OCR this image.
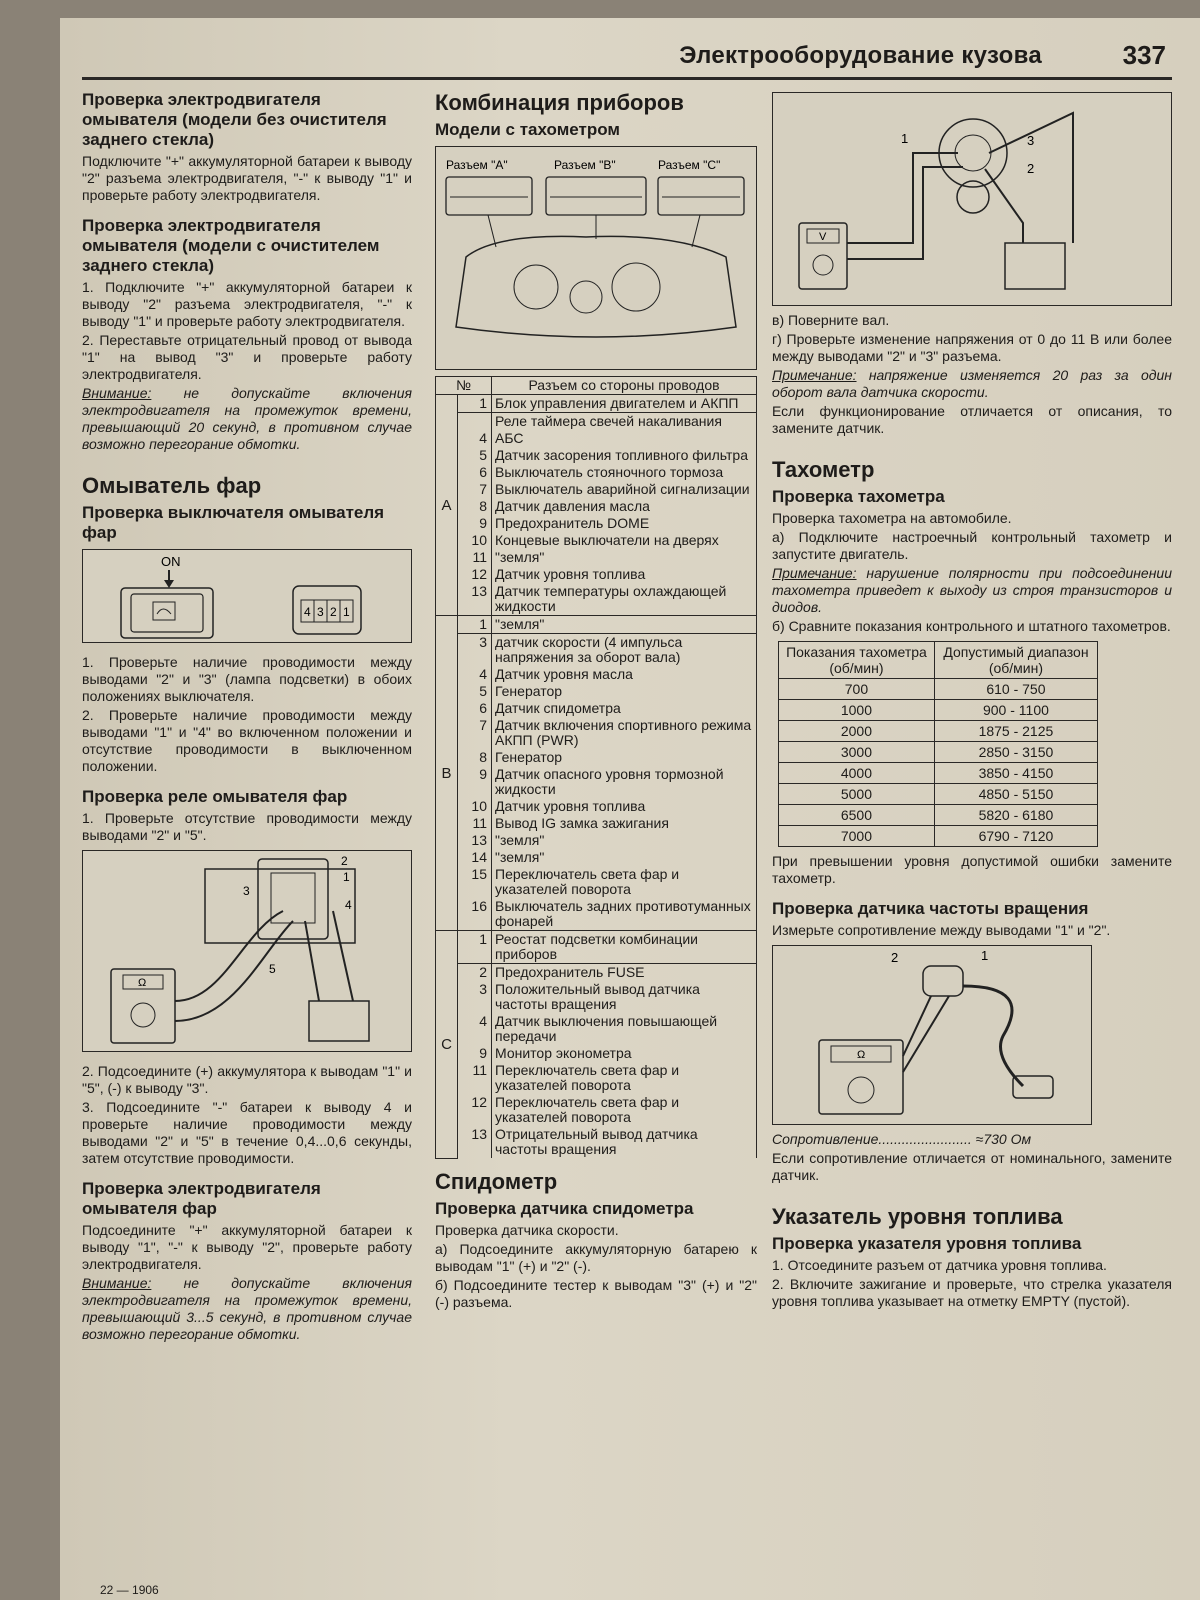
Электрооборудование кузова	337
Проверка электродвигателя омывателя (модели без очистителя заднего стекла)

Подключите "+" аккумуляторной батареи к выводу "2" разъема электродвигателя, "-" к выводу "1" и проверьте работу электродвигателя.

Проверка электродвигателя омывателя (модели с очистителем заднего стекла)

1. Подключите "+" аккумуляторной батареи к выводу "2" разъема электродвигателя, "-" к выводу "1" и проверьте работу электродвигателя.

2. Переставьте отрицательный провод от вывода "1" на вывод "3" и проверьте работу электродвигателя.

Внимание: не допускайте включения электродвигателя на промежуток времени, превышающий 20 секунд, в противном случае возможно перегорание обмотки.

Омыватель фар
Проверка выключателя омывателя фар
ON
4 3 2 1

1. Проверьте наличие проводимости между выводами "2" и "3" (лампа подсветки) в обоих положениях выключателя.

2. Проверьте наличие проводимости между выводами "1" и "4" во включенном положении и отсутствие проводимости в выключенном положении.

Проверка реле омывателя фар

1. Проверьте отсутствие проводимости между выводами "2" и "5".

2
1
3
4
5
Ω

2. Подсоедините (+) аккумулятора к выводам "1" и "5", (-) к выводу "3".

3. Подсоедините "-" батареи к выводу 4 и проверьте наличие проводимости между выводами "2" и "5" в течение 0,4...0,6 секунды, затем отсутствие проводимости.

Проверка электродвигателя омывателя фар

Подсоедините "+" аккумуляторной батареи к выводу "1", "-" к выводу "2", проверьте работу электродвигателя.

Внимание: не допускайте включения электродвигателя на промежуток времени, превышающий 3...5 секунд, в противном случае возможно перегорание обмотки.

Комбинация приборов
Модели с тахометром
Разъем "A"	Разъем "B"	Разъем "C"
№		Разъем со стороны проводов
A	1	Блок управления двигателем и АКПП
		Реле таймера свечей накаливания
	4	АБС
	5	Датчик засорения топливного фильтра
	6	Выключатель стояночного тормоза
	7	Выключатель аварийной сигнализации
	8	Датчик давления масла
	9	Предохранитель DOME
	10	Концевые выключатели на дверях
	11	"земля"
	12	Датчик уровня топлива
	13	Датчик температуры охлаждающей жидкости
B	1	"земля"
	3	датчик скорости (4 импульса напряжения за оборот вала)
	4	Датчик уровня масла
	5	Генератор
	6	Датчик спидометра
	7	Датчик включения спортивного режима АКПП (PWR)
	8	Генератор
	9	Датчик опасного уровня тормозной жидкости
	10	Датчик уровня топлива
	11	Вывод IG замка зажигания
	13	"земля"
	14	"земля"
	15	Переключатель света фар и указателей поворота
	16	Выключатель задних противотуманных фонарей
C	1	Реостат подсветки комбинации приборов
	2	Предохранитель FUSE
	3	Положительный вывод датчика частоты вращения
	4	Датчик выключения повышающей передачи
	9	Монитор эконометра
	11	Переключатель света фар и указателей поворота
	12	Переключатель света фар и указателей поворота
	13	Отрицательный вывод датчика частоты вращения
Спидометр
Проверка датчика спидометра

Проверка датчика скорости.

а) Подсоедините аккумуляторную батарею к выводам "1" (+) и "2" (-).

б) Подсоедините тестер к выводам "3" (+) и "2" (-) разъема.

1
2
3
V

в) Поверните вал.

г) Проверьте изменение напряжения от 0 до 11 В или более между выводами "2" и "3" разъема.

Примечание: напряжение изменяется 20 раз за один оборот вала датчика скорости.

Если функционирование отличается от описания, то замените датчик.

Тахометр
Проверка тахометра

Проверка тахометра на автомобиле.

а) Подключите настроечный контрольный тахометр и запустите двигатель.

Примечание: нарушение полярности при подсоединении тахометра приведет к выходу из строя транзисторов и диодов.

б) Сравните показания контрольного и штатного тахометров.

Показания тахометра (об/мин)	Допустимый диапазон (об/мин)
700	610 - 750
1000	900 - 1100
2000	1875 - 2125
3000	2850 - 3150
4000	3850 - 4150
5000	4850 - 5150
6500	5820 - 6180
7000	6790 - 7120

При превышении уровня допустимой ошибки замените тахометр.

Проверка датчика частоты вращения

Измерьте сопротивление между выводами "1" и "2".

2	1
Ω

Сопротивление........................ ≈730 Ом

Если сопротивление отличается от номинального, замените датчик.

Указатель уровня топлива
Проверка указателя уровня топлива

1. Отсоедините разъем от датчика уровня топлива.

2. Включите зажигание и проверьте, что стрелка указателя уровня топлива указывает на отметку EMPTY (пустой).

22 — 1906
